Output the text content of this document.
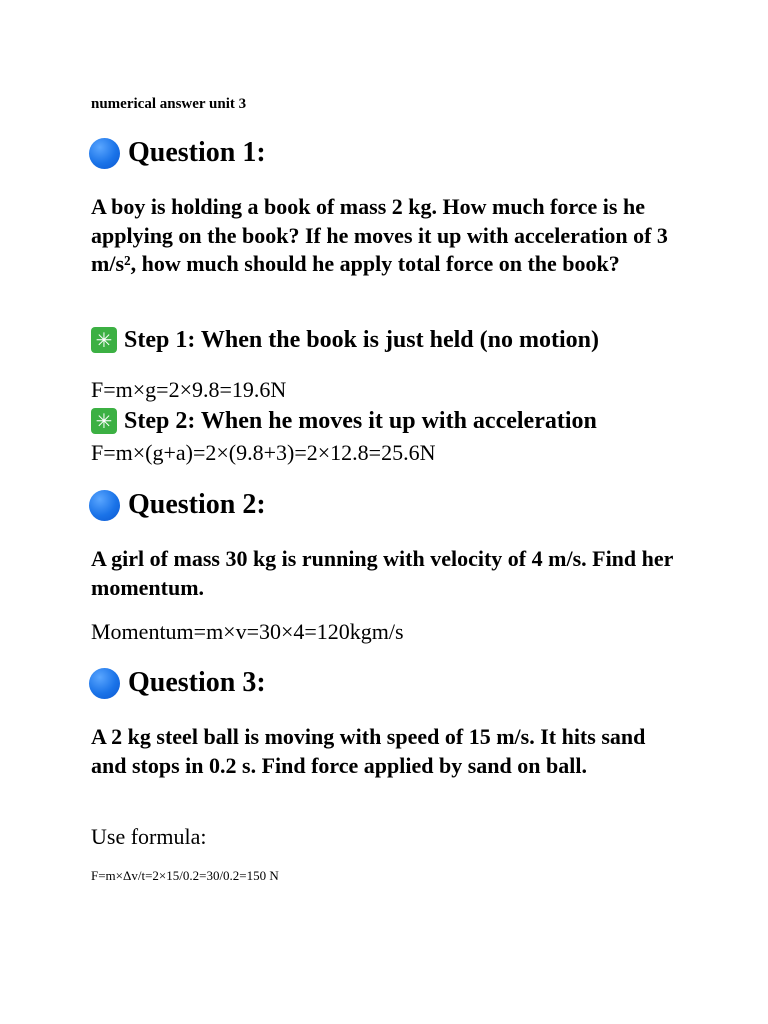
numerical answer unit 3
Question 1:
A boy is holding a book of mass 2 kg. How much force is he applying on the book? If he moves it up with acceleration of 3 m/s², how much should he apply total force on the book?
✳ Step 1: When the book is just held (no motion)
F=m×g=2×9.8=19.6N
✳ Step 2: When he moves it up with acceleration
F=m×(g+a)=2×(9.8+3)=2×12.8=25.6N
Question 2:
A girl of mass 30 kg is running with velocity of 4 m/s. Find her momentum.
Momentum=m×v=30×4=120kgm/s
Question 3:
A 2 kg steel ball is moving with speed of 15 m/s. It hits sand and stops in 0.2 s. Find force applied by sand on ball.
Use formula:
F=m×Δv/t=2×15/0.2=30/0.2=150 N
